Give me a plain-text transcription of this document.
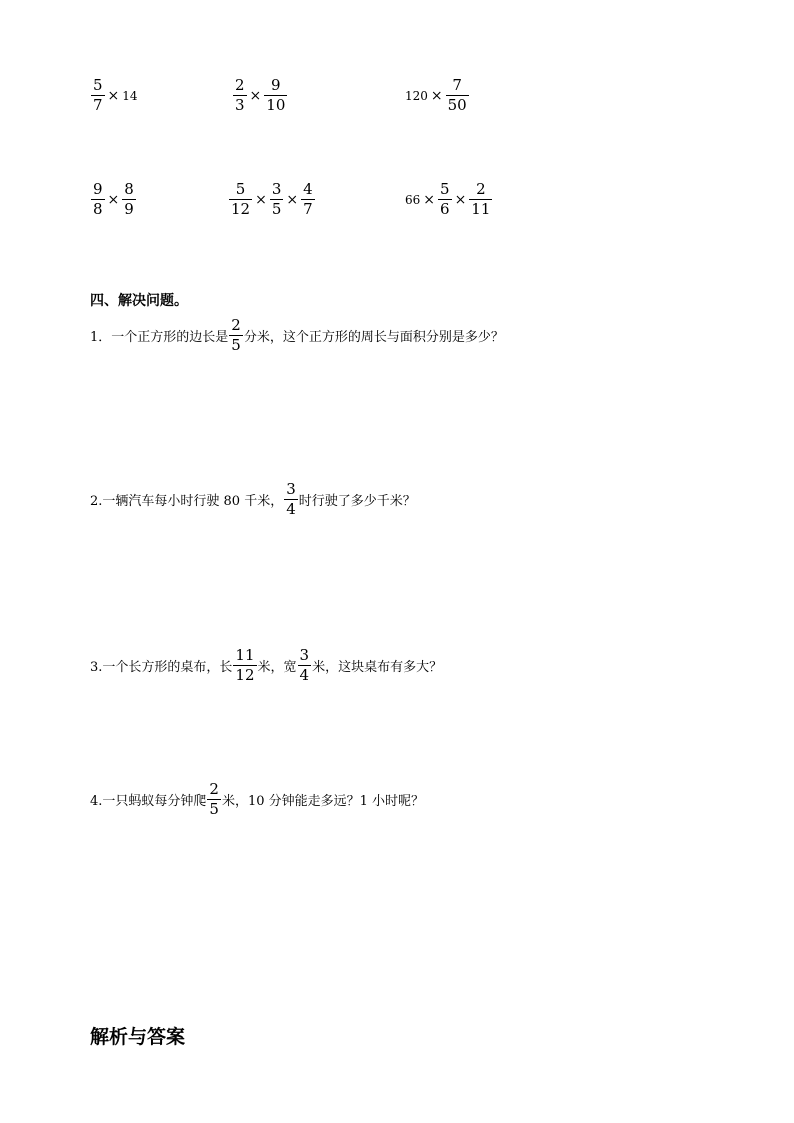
$\frac{5}{7} \times 14$	$\frac{2}{3} \times \frac{9}{10}$	$120 \times \frac{7}{50}$
$\frac{9}{8} \times \frac{8}{9}$	$\frac{5}{12} \times \frac{3}{5} \times \frac{4}{7}$	$66 \times \frac{5}{6} \times \frac{2}{11}$
四、解决问题。
1．一个正方形的边长是 $\frac{2}{5}$ 分米，这个正方形的周长与面积分别是多少？
2.一辆汽车每小时行驶 80 千米， $\frac{3}{4}$ 时行驶了多少千米？
3.一个长方形的桌布，长 $\frac{11}{12}$ 米，宽 $\frac{3}{4}$ 米，这块桌布有多大？
4.一只蚂蚁每分钟爬 $\frac{2}{5}$ 米，10 分钟能走多远？1 小时呢？
解析与答案
